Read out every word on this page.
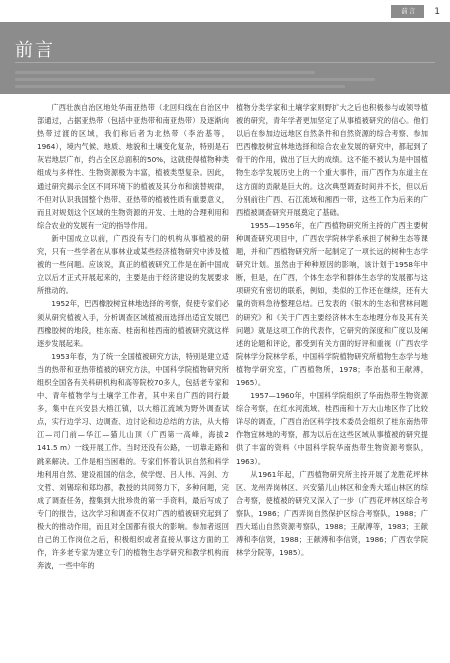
前言	1
前言

广西壮族自治区地处华南亚热带（北回归线在自治区中部通过，占据亚热带（包括中亚热带和南亚热带）及逐渐向热带过渡的区域，我们称后者为北热带（李治基等，1964），境内气候、地质、地貌和土壤变化复杂，特别是石灰岩地层广布，约占全区总面积的50%，这就使得植物种类组成与多样性、生物资源极为丰富，植被类型复杂。因此，通过研究揭示全区不同环境下的植被及其分布和演替规律，不但对认识我国整个热带、亚热带的植被性质有重要意义，而且对规划这个区域的生物资源的开发、土地的合理利用和综合农业的发展有一定的指导作用。

新中国成立以前，广西没有专门的机构从事植被的研究，只有一些学者在从事林业或某些经济植物研究中涉及植被的一些问题。应该说，真正的植被研究工作是在新中国成立以后才正式开展起来的，主要是由于经济建设的发展要求所推动的。

1952年，巴西橡胶树宜林地选择的考察，促使专家们必须从研究植被入手，分析调查区域植被而选择出适宜发展巴西橡胶树的地段，桂东南、桂南和桂西南的植被研究就这样逐步发展起来。

1953年春，为了统一全国植被研究方法，特别是建立适当的热带和亚热带植被的研究方法，中国科学院植物研究所组织全国各有关科研机构和高等院校70多人，包括老专家和中、青年植物学与土壤学工作者，其中来自广西的同行最多，集中在兴安县大榕江镇，以大榕江流域为野外调查试点，实行边学习、边调查、边讨论和边总结的方法，从大榕江—司门前—华江—猫儿山顶（广西第一高峰，海拔2 141.5 m）一线开展工作。当时还没有公路，一切靠走路和跳来解决。工作是相当困难的。专家们怀着认识自然和科学地利用自然、建设祖国的信念，侯学煜、吕人伟、冯剑、方文哲、刘锡琮和郑均都，教授的共同努力下，多种问题，完成了调查任务，搜集到大批珍贵的第一手资料，最后写成了专门的报告，这次学习和调查不仅对广西的植被研究起到了极大的推动作用，而且对全国都有很大的影响。参加者返回自己的工作岗位之后，积极组织或者直接从事这方面的工作，许多老专家为建立专门的植物生态学研究和教学机构而奔波，一些中年的

植物分类学家和土壤学家则野扩大之后也积极参与或领导植被的研究，青年学者更加坚定了从事植被研究的信心。他们以后在参加边远地区自然条件和自然资源的综合考察、参加巴西橡胶树宜林地选择和综合农业发展的研究中，都起到了骨干的作用，做出了巨大的成绩。这不能不被认为是中国植物生态学发展历史上的一个重大事件，而广西作为东道主在这方面的贡献是巨大的。这次典型调查时间并不长，但以后分别前往广西、石江流域和湘西一带，这些工作为后来的广西植被调查研究开展奠定了基础。

1955—1956年，在广西植物研究所主持的广西主要树种调查研究项目中，广西农学院林学系承担了树种生态等课题，并和广西植物研究所一起制定了一项长远的树种生态学研究计划。虽然由于种种原因的影响，该计划于1958年中断，但是，在广西，个体生态学和群体生态学的发展都与这项研究有密切的联系，例如，类似的工作还在继续，还有大量的资料急待整理总结。已发表的《银木的生态和营林问题的研究》和《关于广西主要经济林木生态地理分布及其有关问题》就是这项工作的代表作，它研究的深度和广度以及阐述的论题和评论，都受到有关方面的好评和重视（广西农学院林学分院林学系，中国科学院植物研究所植物生态学与地植物学研究室，广西植物所，1978；李治基和王献溥，1965）。

1957—1960年，中国科学院组织了华南热带生物资源综合考察，在红水河流域、桂西南和十万大山地区作了比较详尽的调查，广西自治区科学技术委员会组织了桂东南热带作物宜林地的考察，都为以后在这些区域从事植被的研究提供了丰富的资料（中国科学院华南热带生物资源考察队，1963）。

从1961年起，广西植物研究所主持开展了龙胜花坪林区、龙州弄岗林区、兴安猫儿山林区和金秀大瑶山林区的综合考察，使植被的研究又深入了一步（广西花坪林区综合考察队，1986；广西弄岗自然保护区综合考察队，1988；广西大瑶山自然资源考察队，1988；王献溥等，1983；王献溥和李信贤，1988；王献溥和李信贤，1986；广西农学院林学分院等，1985）。
